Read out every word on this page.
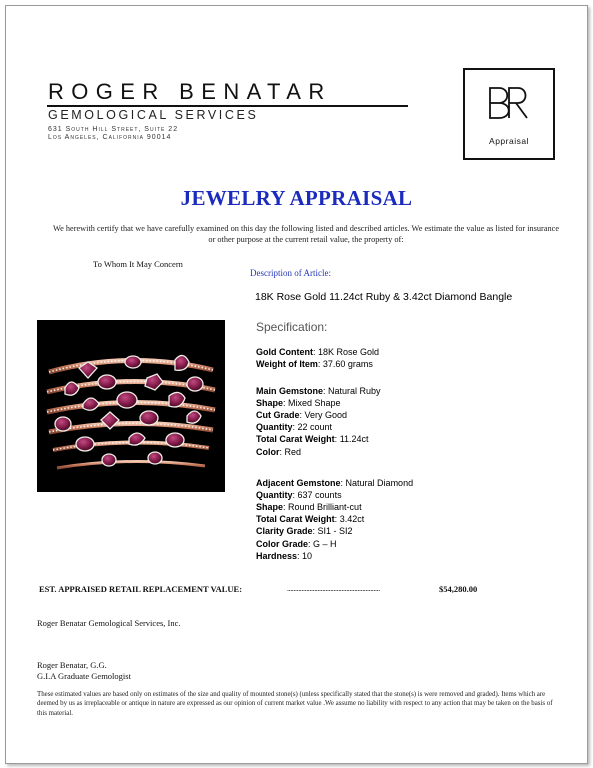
ROGER BENATAR
GEMOLOGICAL SERVICES
631 South Hill Street, Suite 22
Los Angeles, California 90014	Appraisal
JEWELRY APPRAISAL
We herewith certify that we have carefully examined on this day the following listed and described articles. We estimate the value as listed for insurance or other purpose at the current retail value, the property of:
To Whom It May Concern
Description of Article:
18K Rose Gold 11.24ct Ruby & 3.42ct Diamond Bangle
Specification:
Gold Content: 18K Rose Gold
Weight of Item: 37.60 grams
Main Gemstone: Natural Ruby
Shape: Mixed Shape
Cut Grade: Very Good
Quantity: 22 count
Total Carat Weight: 11.24ct
Color: Red
Adjacent Gemstone: Natural Diamond
Quantity: 637 counts
Shape: Round Brilliant-cut
Total Carat Weight: 3.42ct
Clarity Grade: SI1 - SI2
Color Grade: G – H
Hardness: 10
EST. APPRAISED RETAIL REPLACEMENT VALUE:	..........................................................	$54,280.00
Roger Benatar Gemological Services, Inc.
Roger Benatar, G.G.
G.I.A Graduate Gemologist
These estimated values are based only on estimates of the size and quality of mounted stone(s) (unless specifically stated that the stone(s) is were removed and graded). Items which are deemed by us as irreplaceable or antique in nature are expressed as our opinion of current market value .We assume no liability with respect to any action that may be taken on the basis of this material.
